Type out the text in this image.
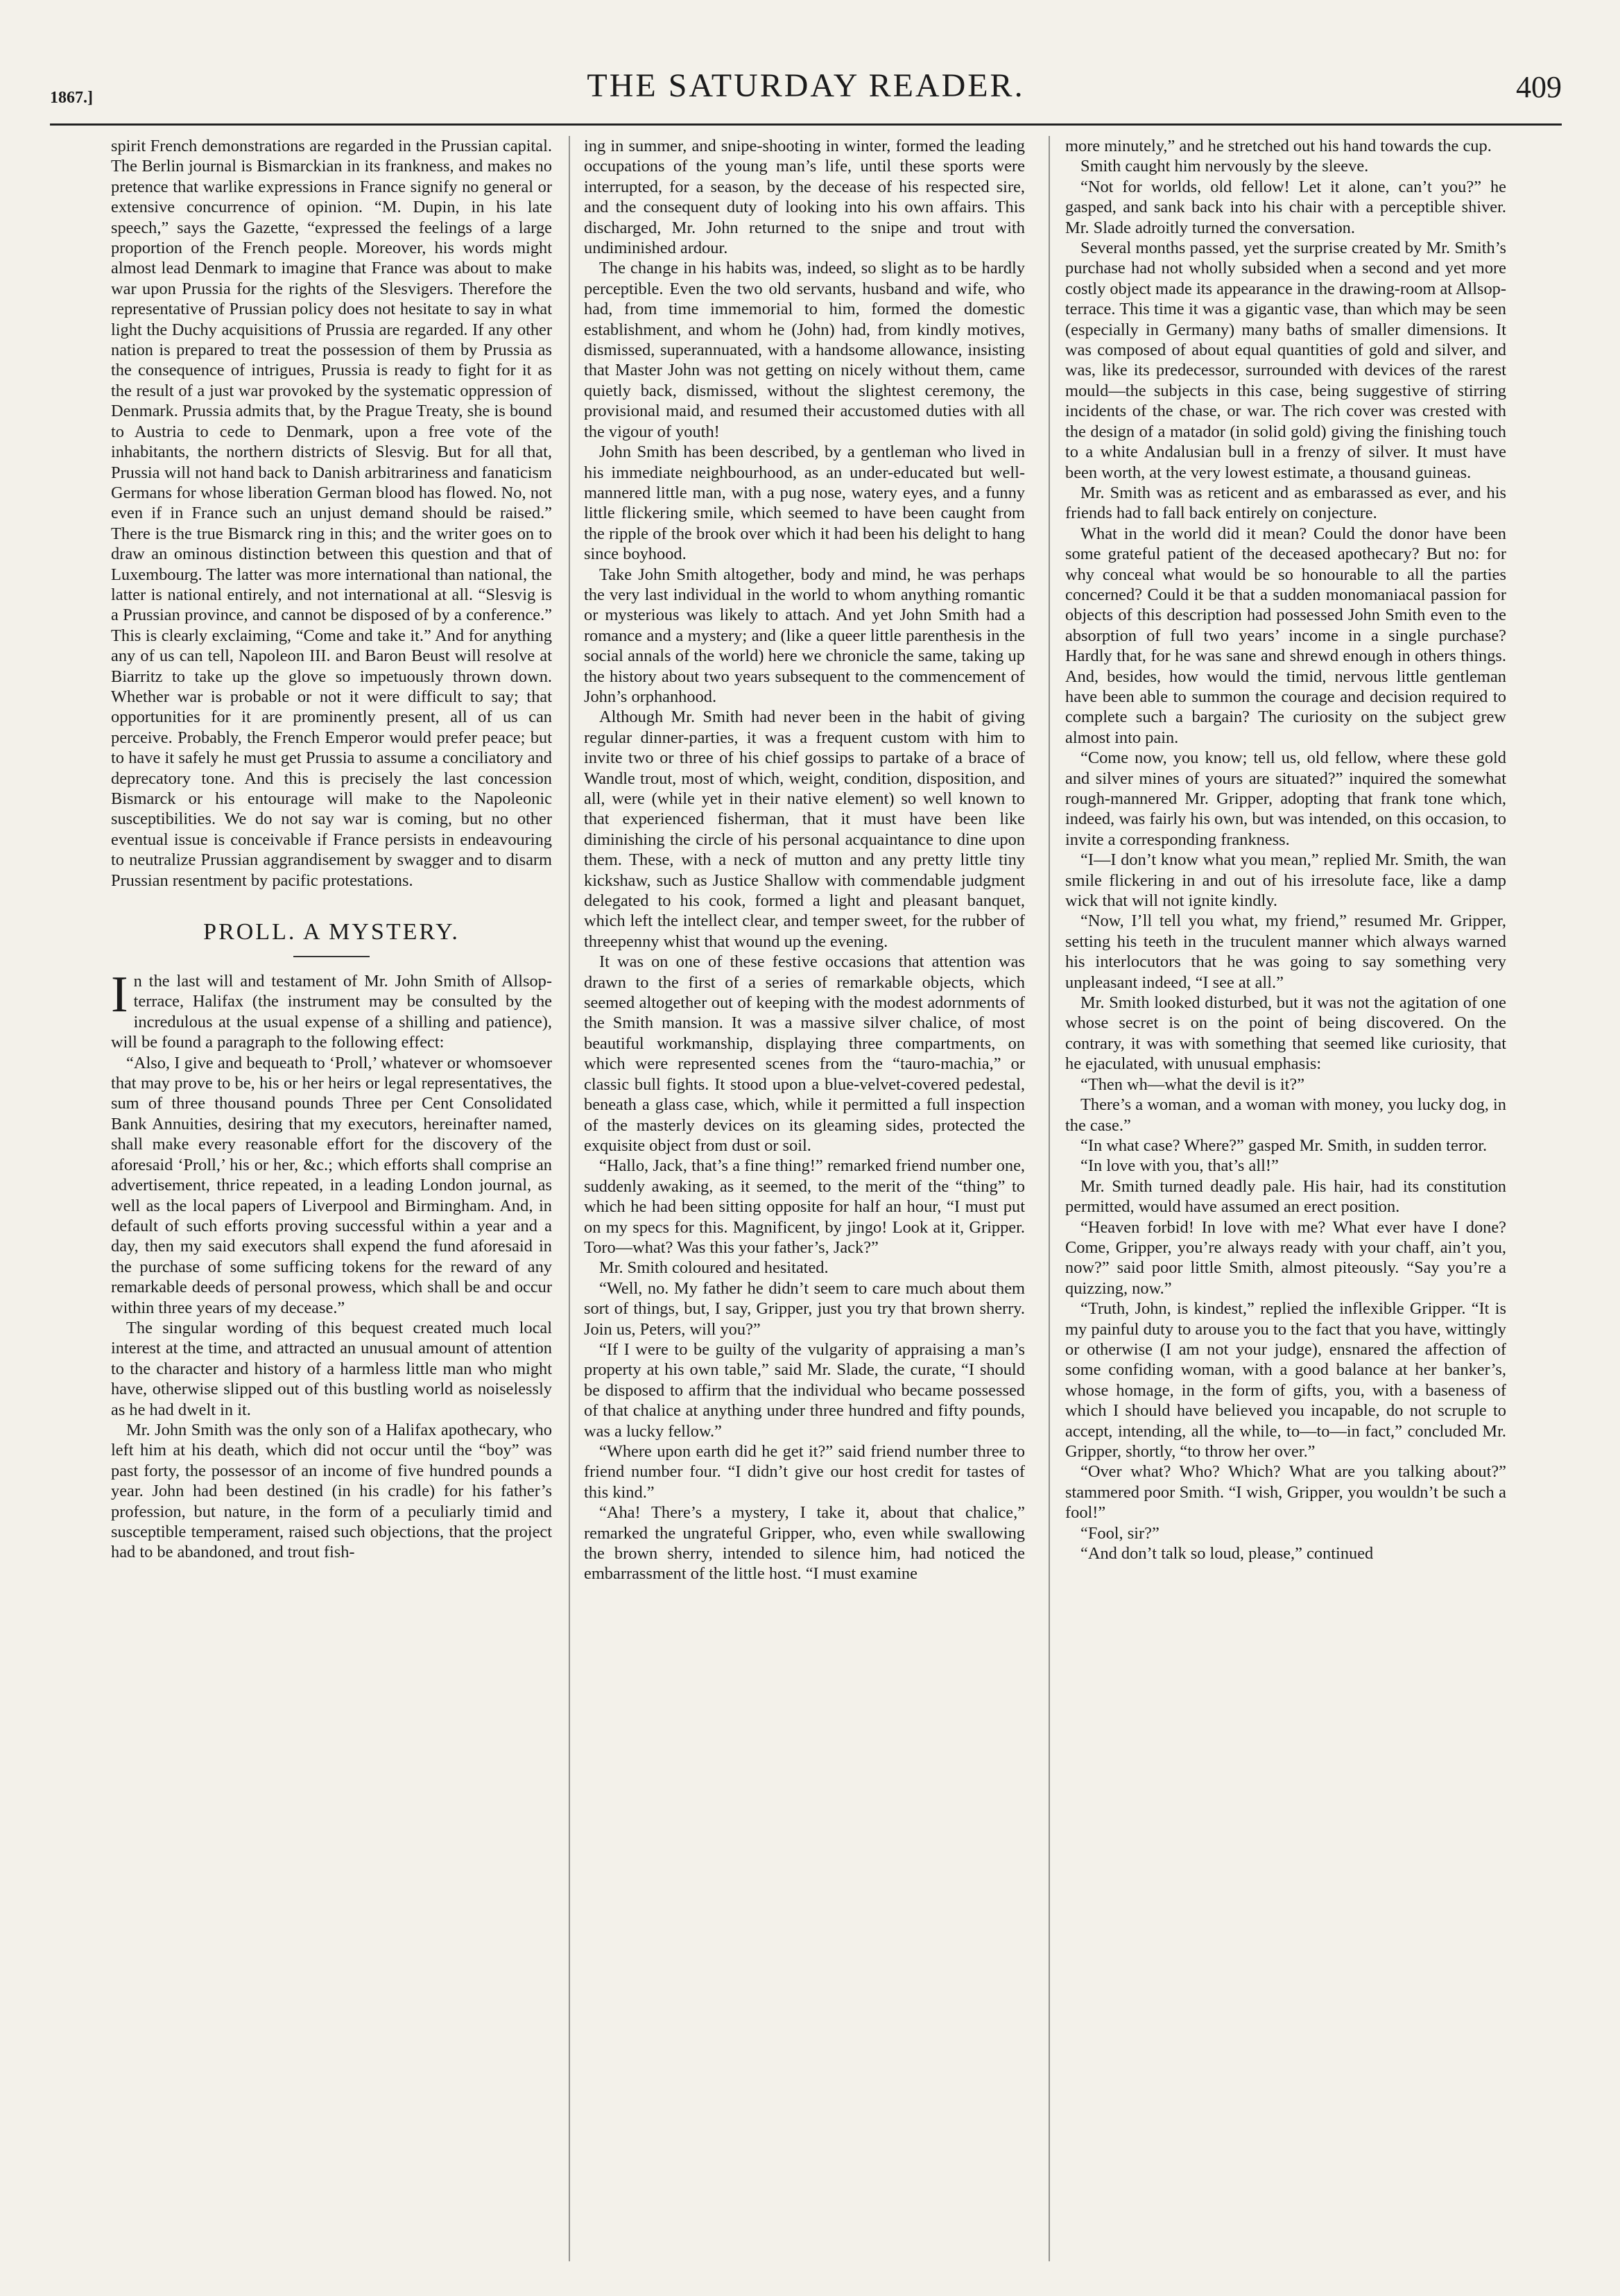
1867.]	THE SATURDAY READER.	409

spirit French demonstrations are regarded in the Prussian capital. The Berlin journal is Bismarckian in its frankness, and makes no pretence that warlike expressions in France signify no general or extensive concurrence of opinion. “M. Dupin, in his late speech,” says the Gazette, “expressed the feelings of a large proportion of the French people. Moreover, his words might almost lead Denmark to imagine that France was about to make war upon Prussia for the rights of the Slesvigers. Therefore the representative of Prussian policy does not hesitate to say in what light the Duchy acquisitions of Prussia are regarded. If any other nation is prepared to treat the possession of them by Prussia as the consequence of intrigues, Prussia is ready to fight for it as the result of a just war provoked by the systematic oppression of Denmark. Prussia admits that, by the Prague Treaty, she is bound to Austria to cede to Denmark, upon a free vote of the inhabitants, the northern districts of Slesvig. But for all that, Prussia will not hand back to Danish arbitrariness and fanaticism Germans for whose liberation German blood has flowed. No, not even if in France such an unjust demand should be raised.” There is the true Bismarck ring in this; and the writer goes on to draw an ominous distinction between this question and that of Luxembourg. The latter was more international than national, the latter is national entirely, and not international at all. “Slesvig is a Prussian province, and cannot be disposed of by a conference.” This is clearly exclaiming, “Come and take it.” And for anything any of us can tell, Napoleon III. and Baron Beust will resolve at Biarritz to take up the glove so impetuously thrown down. Whether war is probable or not it were difficult to say; that opportunities for it are prominently present, all of us can perceive. Probably, the French Emperor would prefer peace; but to have it safely he must get Prussia to assume a conciliatory and deprecatory tone. And this is precisely the last concession Bismarck or his entourage will make to the Napoleonic susceptibilities. We do not say war is coming, but no other eventual issue is conceivable if France persists in endeavouring to neutralize Prussian aggrandisement by swagger and to disarm Prussian resentment by pacific protestations.

PROLL. A MYSTERY.

In the last will and testament of Mr. John Smith of Allsop-terrace, Halifax (the instrument may be consulted by the incredulous at the usual expense of a shilling and patience), will be found a paragraph to the following effect:

“Also, I give and bequeath to ‘Proll,’ whatever or whomsoever that may prove to be, his or her heirs or legal representatives, the sum of three thousand pounds Three per Cent Consolidated Bank Annuities, desiring that my executors, hereinafter named, shall make every reasonable effort for the discovery of the aforesaid ‘Proll,’ his or her, &c.; which efforts shall comprise an advertisement, thrice repeated, in a leading London journal, as well as the local papers of Liverpool and Birmingham. And, in default of such efforts proving successful within a year and a day, then my said executors shall expend the fund aforesaid in the purchase of some sufficing tokens for the reward of any remarkable deeds of personal prowess, which shall be and occur within three years of my decease.”

The singular wording of this bequest created much local interest at the time, and attracted an unusual amount of attention to the character and history of a harmless little man who might have, otherwise slipped out of this bustling world as noiselessly as he had dwelt in it.

Mr. John Smith was the only son of a Halifax apothecary, who left him at his death, which did not occur until the “boy” was past forty, the possessor of an income of five hundred pounds a year. John had been destined (in his cradle) for his father’s profession, but nature, in the form of a peculiarly timid and susceptible temperament, raised such objections, that the project had to be abandoned, and trout fish-

ing in summer, and snipe-shooting in winter, formed the leading occupations of the young man’s life, until these sports were interrupted, for a season, by the decease of his respected sire, and the consequent duty of looking into his own affairs. This discharged, Mr. John returned to the snipe and trout with undiminished ardour.

The change in his habits was, indeed, so slight as to be hardly perceptible. Even the two old servants, husband and wife, who had, from time immemorial to him, formed the domestic establishment, and whom he (John) had, from kindly motives, dismissed, superannuated, with a handsome allowance, insisting that Master John was not getting on nicely without them, came quietly back, dismissed, without the slightest ceremony, the provisional maid, and resumed their accustomed duties with all the vigour of youth!

John Smith has been described, by a gentleman who lived in his immediate neighbourhood, as an under-educated but well-mannered little man, with a pug nose, watery eyes, and a funny little flickering smile, which seemed to have been caught from the ripple of the brook over which it had been his delight to hang since boyhood.

Take John Smith altogether, body and mind, he was perhaps the very last individual in the world to whom anything romantic or mysterious was likely to attach. And yet John Smith had a romance and a mystery; and (like a queer little parenthesis in the social annals of the world) here we chronicle the same, taking up the history about two years subsequent to the commencement of John’s orphanhood.

Although Mr. Smith had never been in the habit of giving regular dinner-parties, it was a frequent custom with him to invite two or three of his chief gossips to partake of a brace of Wandle trout, most of which, weight, condition, disposition, and all, were (while yet in their native element) so well known to that experienced fisherman, that it must have been like diminishing the circle of his personal acquaintance to dine upon them. These, with a neck of mutton and any pretty little tiny kickshaw, such as Justice Shallow with commendable judgment delegated to his cook, formed a light and pleasant banquet, which left the intellect clear, and temper sweet, for the rubber of threepenny whist that wound up the evening.

It was on one of these festive occasions that attention was drawn to the first of a series of remarkable objects, which seemed altogether out of keeping with the modest adornments of the Smith mansion. It was a massive silver chalice, of most beautiful workmanship, displaying three compartments, on which were represented scenes from the “tauro-machia,” or classic bull fights. It stood upon a blue-velvet-covered pedestal, beneath a glass case, which, while it permitted a full inspection of the masterly devices on its gleaming sides, protected the exquisite object from dust or soil.

“Hallo, Jack, that’s a fine thing!” remarked friend number one, suddenly awaking, as it seemed, to the merit of the “thing” to which he had been sitting opposite for half an hour, “I must put on my specs for this. Magnificent, by jingo! Look at it, Gripper. Toro—what? Was this your father’s, Jack?”

Mr. Smith coloured and hesitated.

“Well, no. My father he didn’t seem to care much about them sort of things, but, I say, Gripper, just you try that brown sherry. Join us, Peters, will you?”

“If I were to be guilty of the vulgarity of appraising a man’s property at his own table,” said Mr. Slade, the curate, “I should be disposed to affirm that the individual who became possessed of that chalice at anything under three hundred and fifty pounds, was a lucky fellow.”

“Where upon earth did he get it?” said friend number three to friend number four. “I didn’t give our host credit for tastes of this kind.”

“Aha! There’s a mystery, I take it, about that chalice,” remarked the ungrateful Gripper, who, even while swallowing the brown sherry, intended to silence him, had noticed the embarrassment of the little host. “I must examine

more minutely,” and he stretched out his hand towards the cup.

Smith caught him nervously by the sleeve.

“Not for worlds, old fellow! Let it alone, can’t you?” he gasped, and sank back into his chair with a perceptible shiver. Mr. Slade adroitly turned the conversation.

Several months passed, yet the surprise created by Mr. Smith’s purchase had not wholly subsided when a second and yet more costly object made its appearance in the drawing-room at Allsop-terrace. This time it was a gigantic vase, than which may be seen (especially in Germany) many baths of smaller dimensions. It was composed of about equal quantities of gold and silver, and was, like its predecessor, surrounded with devices of the rarest mould—the subjects in this case, being suggestive of stirring incidents of the chase, or war. The rich cover was crested with the design of a matador (in solid gold) giving the finishing touch to a white Andalusian bull in a frenzy of silver. It must have been worth, at the very lowest estimate, a thousand guineas.

Mr. Smith was as reticent and as embarassed as ever, and his friends had to fall back entirely on conjecture.

What in the world did it mean? Could the donor have been some grateful patient of the deceased apothecary? But no: for why conceal what would be so honourable to all the parties concerned? Could it be that a sudden monomaniacal passion for objects of this description had possessed John Smith even to the absorption of full two years’ income in a single purchase? Hardly that, for he was sane and shrewd enough in others things. And, besides, how would the timid, nervous little gentleman have been able to summon the courage and decision required to complete such a bargain? The curiosity on the subject grew almost into pain.

“Come now, you know; tell us, old fellow, where these gold and silver mines of yours are situated?” inquired the somewhat rough-mannered Mr. Gripper, adopting that frank tone which, indeed, was fairly his own, but was intended, on this occasion, to invite a corresponding frankness.

“I—I don’t know what you mean,” replied Mr. Smith, the wan smile flickering in and out of his irresolute face, like a damp wick that will not ignite kindly.

“Now, I’ll tell you what, my friend,” resumed Mr. Gripper, setting his teeth in the truculent manner which always warned his interlocutors that he was going to say something very unpleasant indeed, “I see at all.”

Mr. Smith looked disturbed, but it was not the agitation of one whose secret is on the point of being discovered. On the contrary, it was with something that seemed like curiosity, that he ejaculated, with unusual emphasis:

“Then wh—what the devil is it?”

There’s a woman, and a woman with money, you lucky dog, in the case.”

“In what case? Where?” gasped Mr. Smith, in sudden terror.

“In love with you, that’s all!”

Mr. Smith turned deadly pale. His hair, had its constitution permitted, would have assumed an erect position.

“Heaven forbid! In love with me? What ever have I done? Come, Gripper, you’re always ready with your chaff, ain’t you, now?” said poor little Smith, almost piteously. “Say you’re a quizzing, now.”

“Truth, John, is kindest,” replied the inflexible Gripper. “It is my painful duty to arouse you to the fact that you have, wittingly or otherwise (I am not your judge), ensnared the affection of some confiding woman, with a good balance at her banker’s, whose homage, in the form of gifts, you, with a baseness of which I should have believed you incapable, do not scruple to accept, intending, all the while, to—to—in fact,” concluded Mr. Gripper, shortly, “to throw her over.”

“Over what? Who? Which? What are you talking about?” stammered poor Smith. “I wish, Gripper, you wouldn’t be such a fool!”

“Fool, sir?”

“And don’t talk so loud, please,” continued
